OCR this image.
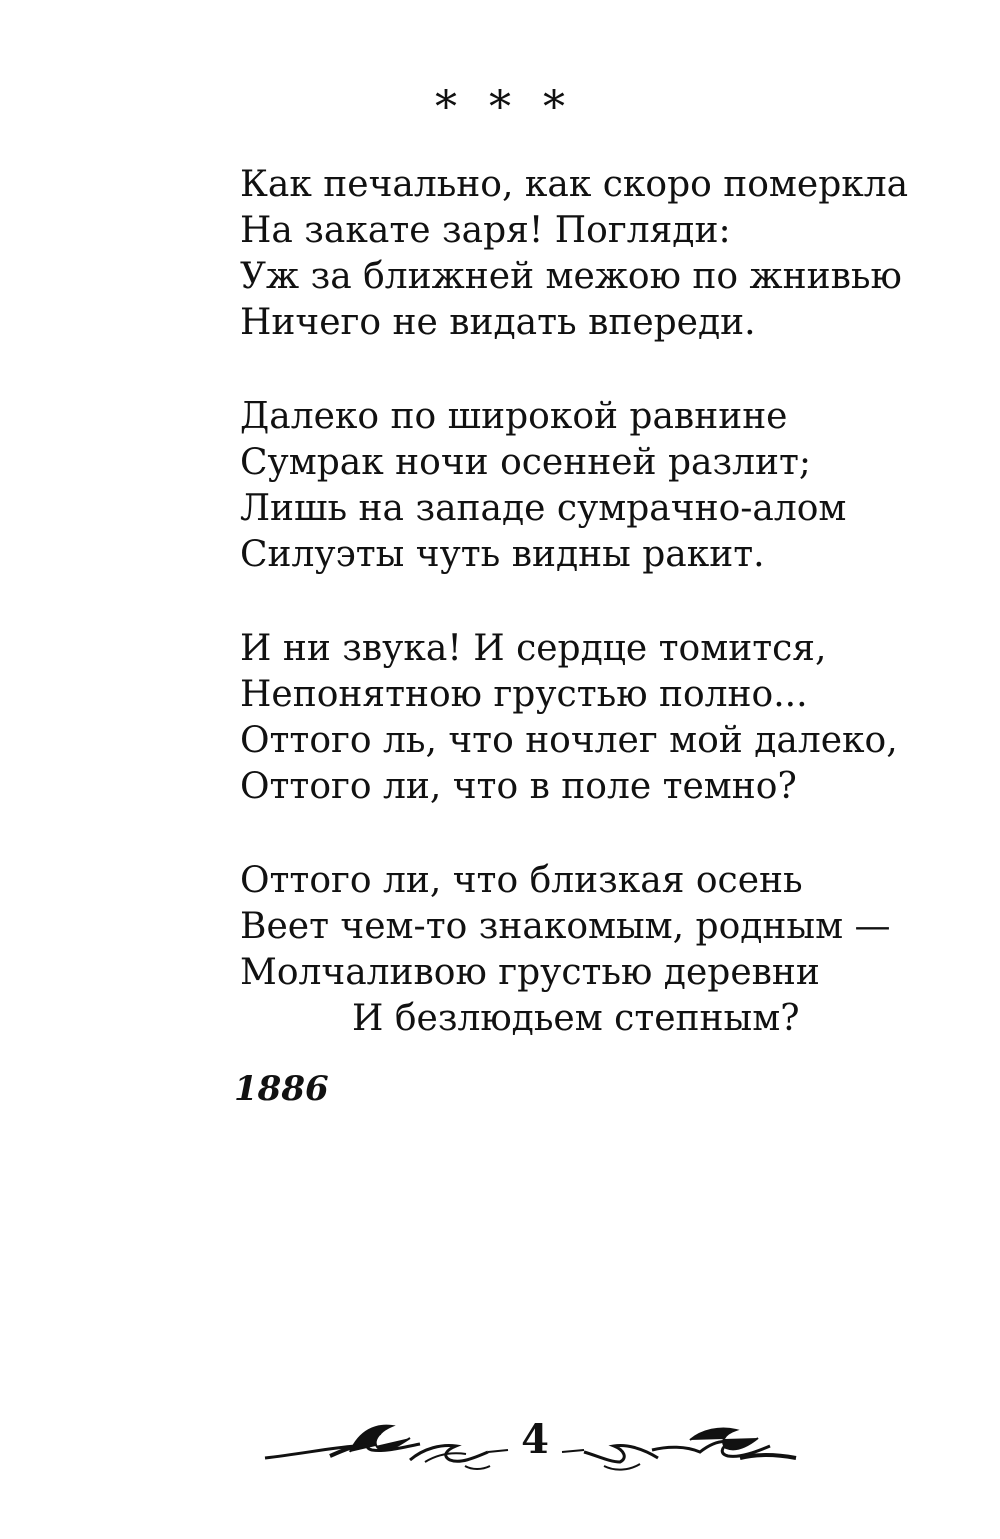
* * *
Как печально, как скоро померкла
На закате заря! Погляди:
Уж за ближней межою по жнивью
Ничего не видать впереди.
Далеко по широкой равнине
Сумрак ночи осенней разлит;
Лишь на западе сумрачно-алом
Силуэты чуть видны ракит.
И ни звука! И сердце томится,
Непонятною грустью полно...
Оттого ль, что ночлег мой далеко,
Оттого ли, что в поле темно?
Оттого ли, что близкая осень
Веет чем-то знакомым, родным —
Молчаливою грустью деревни
И безлюдьем степным?
1886
4
